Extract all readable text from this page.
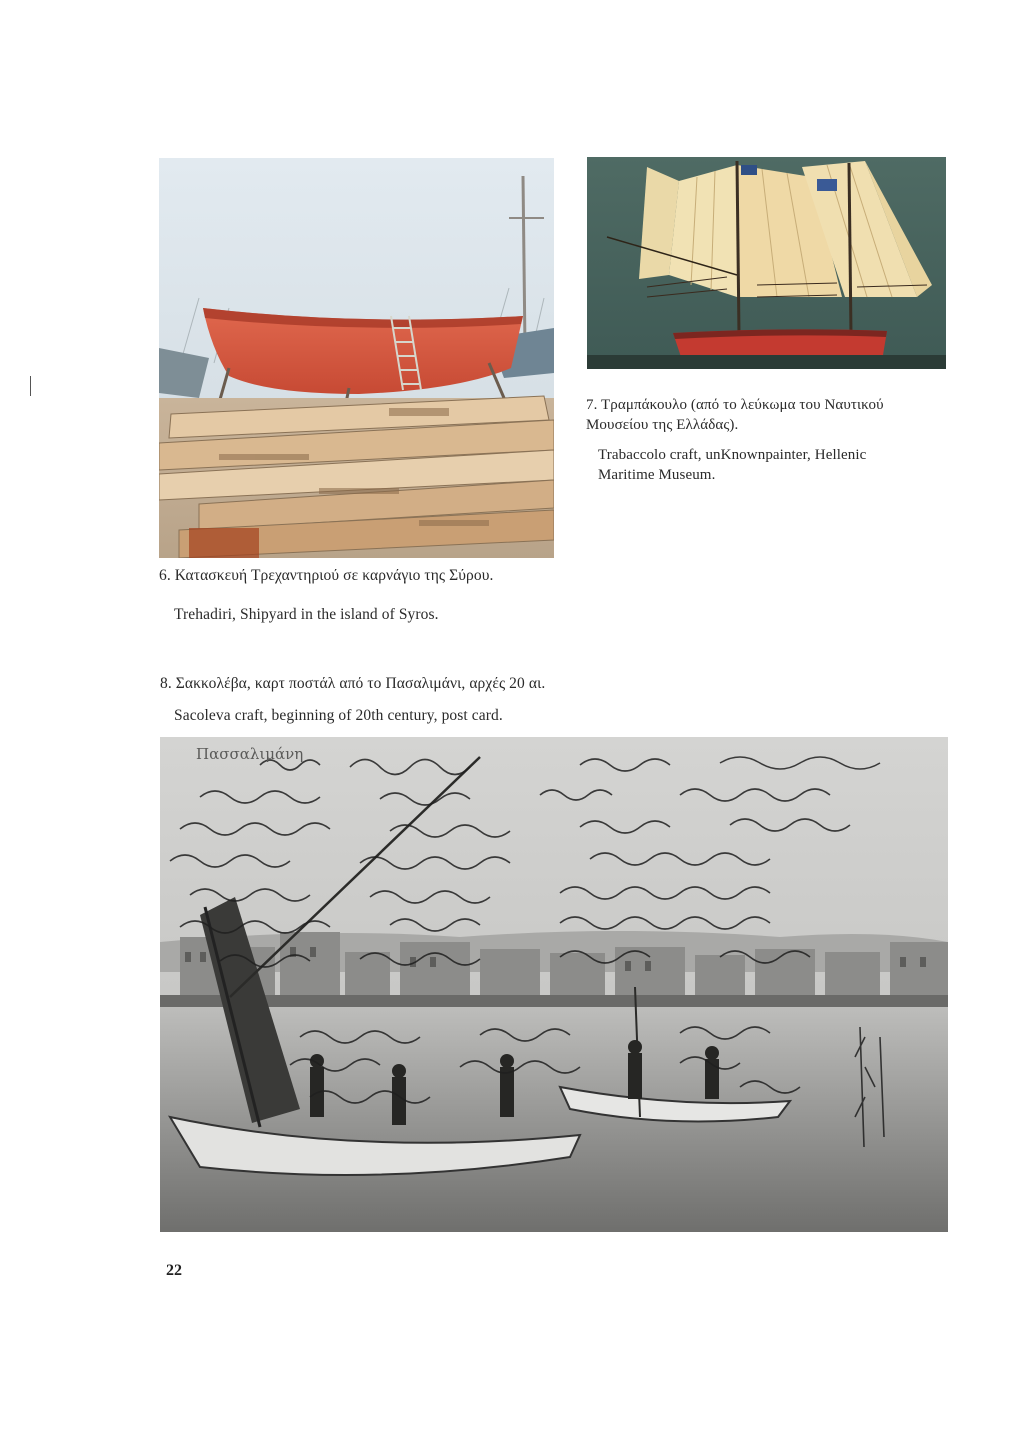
Πασσαλιμάνη
7. Τραμπάκουλο (από το λεύκωμα του Ναυτικού Μουσείου της Ελλάδας).
Trabaccolo craft, unKnownpainter, Hellenic Maritime Museum.
6. Κατασκευή Τρεχαντηριού σε καρνάγιο της Σύρου.
Trehadiri, Shipyard in the island of Syros.
8. Σακκολέβα, καρτ ποστάλ από το Πασαλιμάνι, αρχές 20 αι.
Sacoleva craft, beginning of 20th century, post card.
22
